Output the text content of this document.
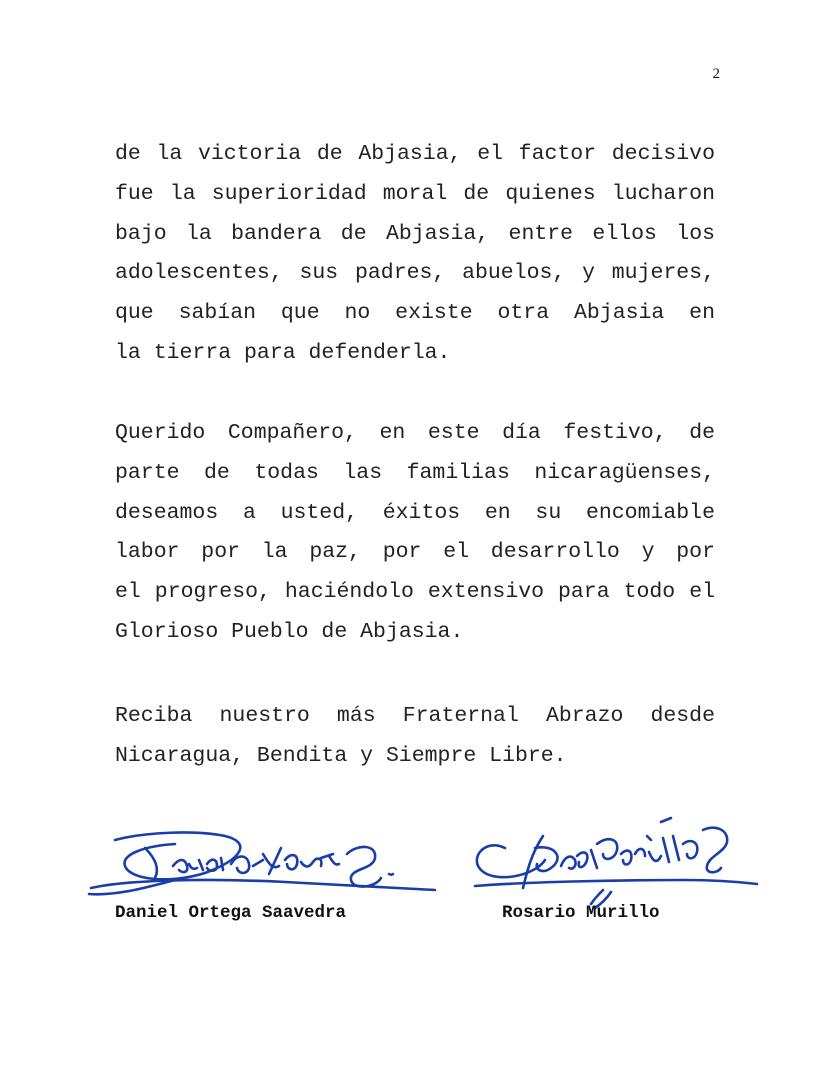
2

de la victoria de Abjasia, el factor decisivo
fue la superioridad moral de quienes lucharon
bajo la bandera de Abjasia, entre ellos los
adolescentes, sus padres, abuelos, y mujeres,
que sabían que no existe otra Abjasia en
la tierra para defenderla.

Querido Compañero, en este día festivo, de
parte de todas las familias nicaragüenses,
deseamos a usted, éxitos en su encomiable
labor por la paz, por el desarrollo y por
el progreso, haciéndolo extensivo para todo el
Glorioso Pueblo de Abjasia.

Reciba nuestro más Fraternal Abrazo desde
Nicaragua, Bendita y Siempre Libre.

Daniel Ortega Saavedra	Rosario Murillo
